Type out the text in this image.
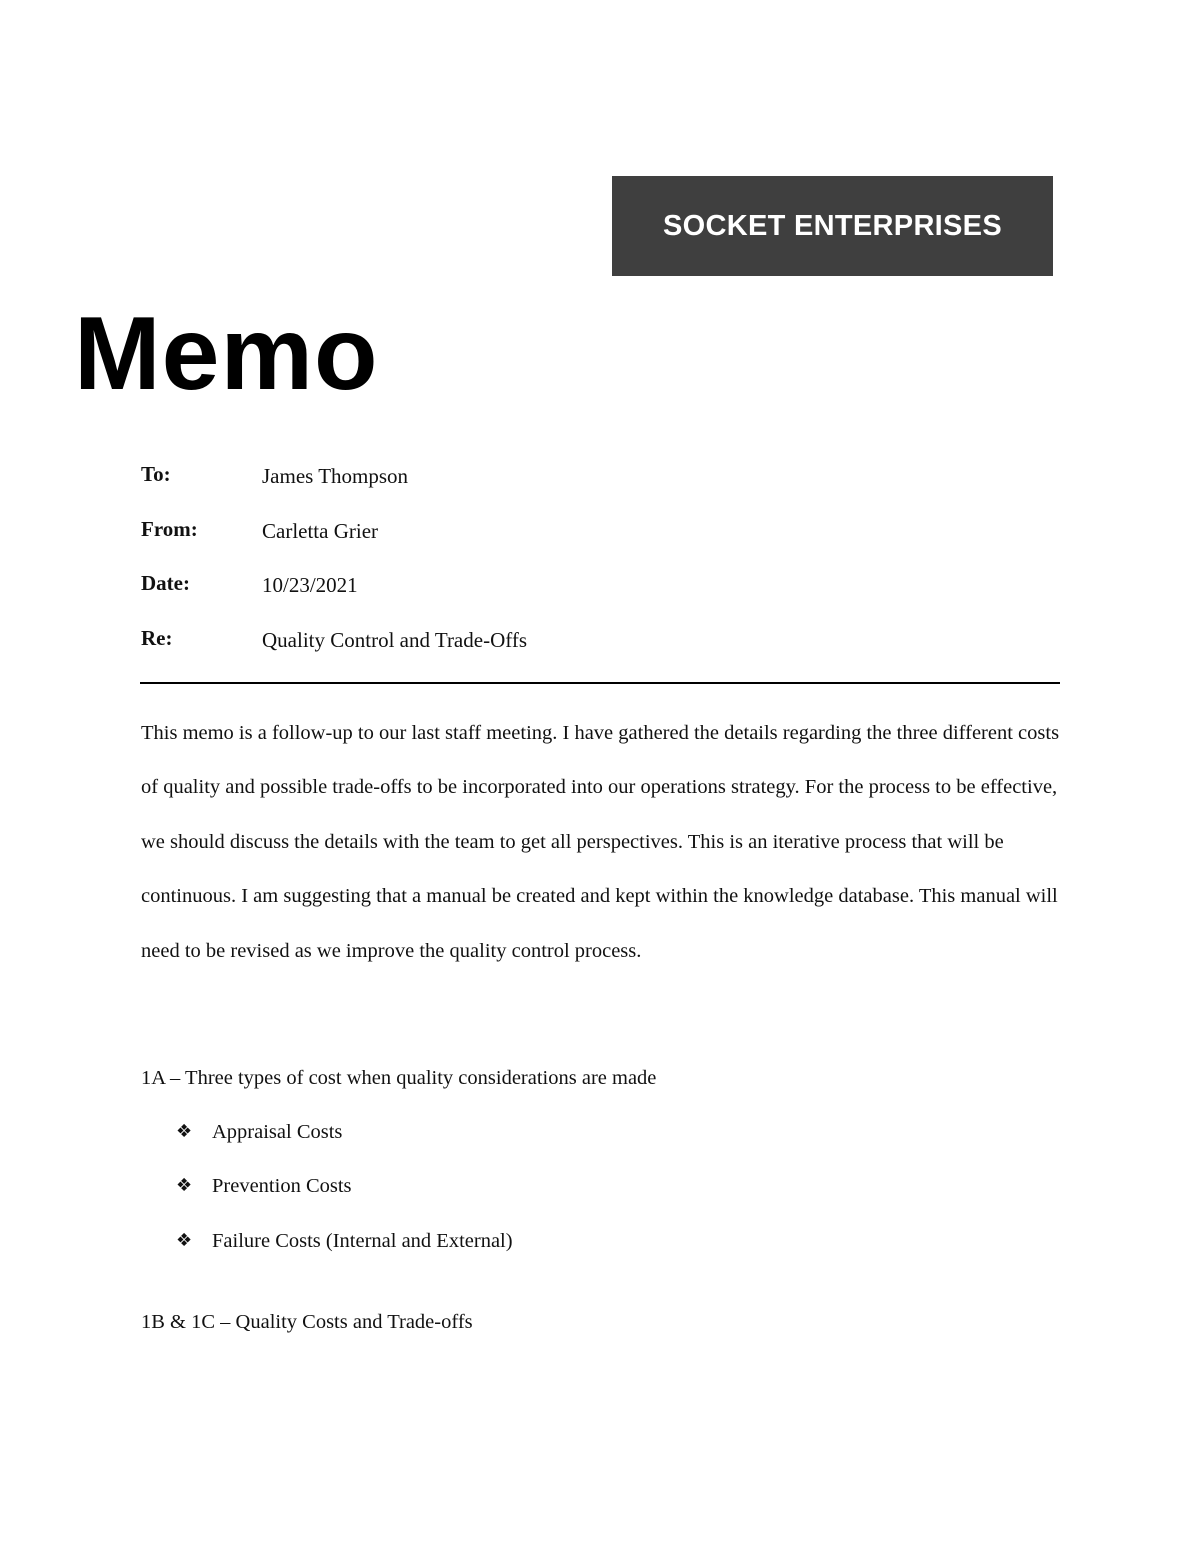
SOCKET ENTERPRISES
Memo
To:	James Thompson
From:	Carletta Grier
Date:	10/23/2021
Re:	Quality Control and Trade-Offs

This memo is a follow-up to our last staff meeting. I have gathered the details regarding the three different costs of quality and possible trade-offs to be incorporated into our operations strategy. For the process to be effective, we should discuss the details with the team to get all perspectives. This is an iterative process that will be continuous. I am suggesting that a manual be created and kept within the knowledge database. This manual will need to be revised as we improve the quality control process.

1A – Three types of cost when quality considerations are made
❖ Appraisal Costs
❖ Prevention Costs
❖ Failure Costs (Internal and External)
1B & 1C – Quality Costs and Trade-offs
